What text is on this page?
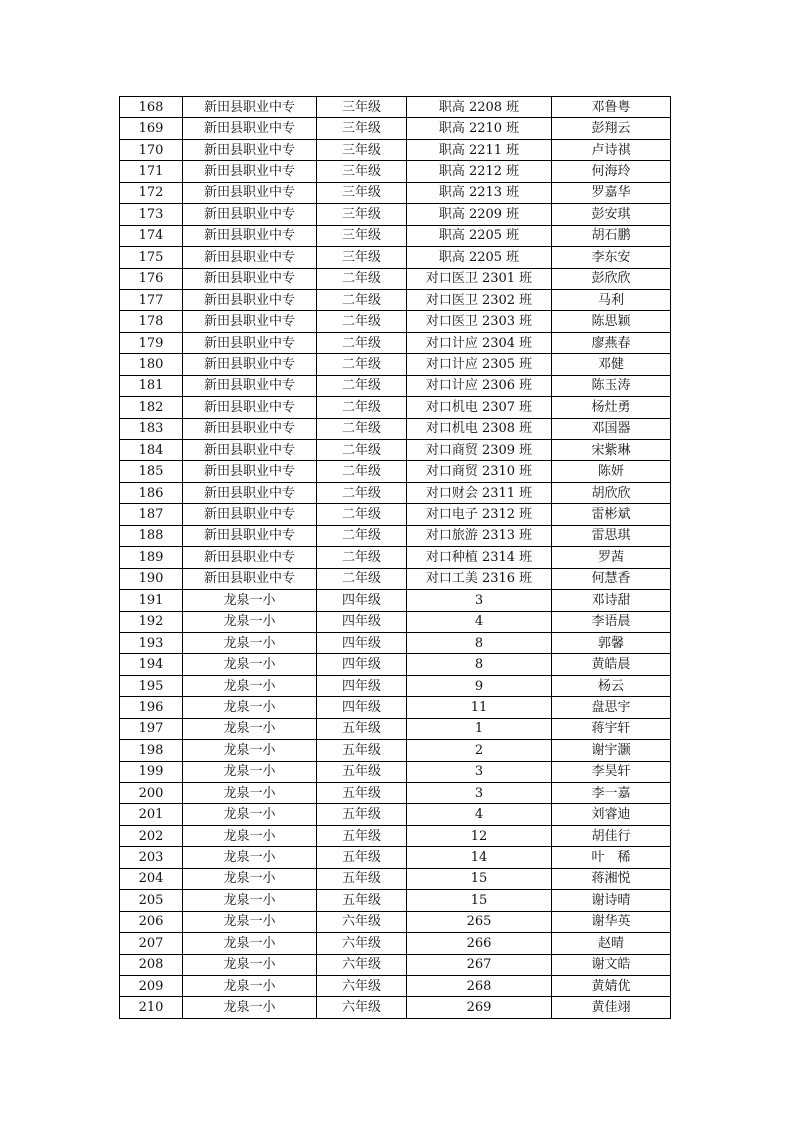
168	新田县职业中专	三年级	职高 2208 班	邓鲁粤
169	新田县职业中专	三年级	职高 2210 班	彭翔云
170	新田县职业中专	三年级	职高 2211 班	卢诗祺
171	新田县职业中专	三年级	职高 2212 班	何海玲
172	新田县职业中专	三年级	职高 2213 班	罗嘉华
173	新田县职业中专	三年级	职高 2209 班	彭安琪
174	新田县职业中专	三年级	职高 2205 班	胡石鹏
175	新田县职业中专	三年级	职高 2205 班	李东安
176	新田县职业中专	二年级	对口医卫 2301 班	彭欣欣
177	新田县职业中专	二年级	对口医卫 2302 班	马利
178	新田县职业中专	二年级	对口医卫 2303 班	陈思颖
179	新田县职业中专	二年级	对口计应 2304 班	廖燕春
180	新田县职业中专	二年级	对口计应 2305 班	邓健
181	新田县职业中专	二年级	对口计应 2306 班	陈玉涛
182	新田县职业中专	二年级	对口机电 2307 班	杨灶勇
183	新田县职业中专	二年级	对口机电 2308 班	邓国器
184	新田县职业中专	二年级	对口商贸 2309 班	宋紫琳
185	新田县职业中专	二年级	对口商贸 2310 班	陈妍
186	新田县职业中专	二年级	对口财会 2311 班	胡欣欣
187	新田县职业中专	二年级	对口电子 2312 班	雷彬斌
188	新田县职业中专	二年级	对口旅游 2313 班	雷思琪
189	新田县职业中专	二年级	对口种植 2314 班	罗茜
190	新田县职业中专	二年级	对口工美 2316 班	何慧香
191	龙泉一小	四年级	3	邓诗甜
192	龙泉一小	四年级	4	李语晨
193	龙泉一小	四年级	8	郭馨
194	龙泉一小	四年级	8	黄皓晨
195	龙泉一小	四年级	9	杨云
196	龙泉一小	四年级	11	盘思宇
197	龙泉一小	五年级	1	蒋宇轩
198	龙泉一小	五年级	2	谢宇灏
199	龙泉一小	五年级	3	李昊轩
200	龙泉一小	五年级	3	李一嘉
201	龙泉一小	五年级	4	刘睿迪
202	龙泉一小	五年级	12	胡佳行
203	龙泉一小	五年级	14	叶　稀
204	龙泉一小	五年级	15	蒋湘悦
205	龙泉一小	五年级	15	谢诗晴
206	龙泉一小	六年级	265	谢华英
207	龙泉一小	六年级	266	赵晴
208	龙泉一小	六年级	267	谢文皓
209	龙泉一小	六年级	268	黄婧优
210	龙泉一小	六年级	269	黄佳翊
